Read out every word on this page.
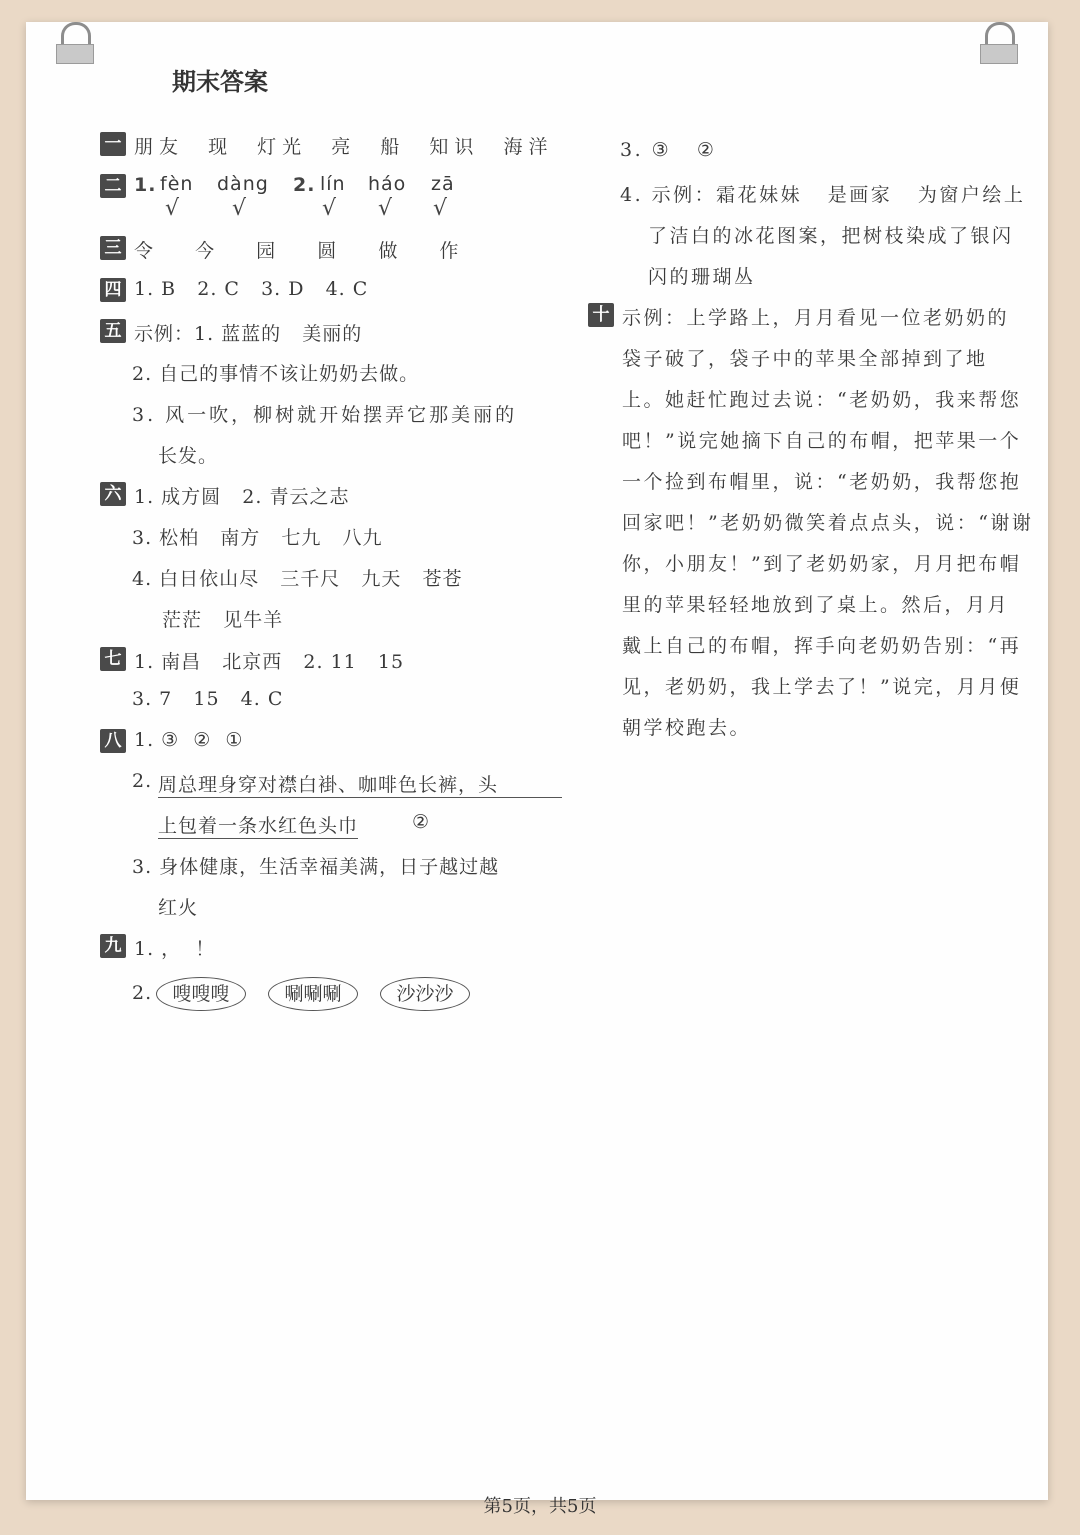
期末答案
一 朋友  现  灯光  亮  船  知识  海洋
二 1. fèn dàng 2. lín háo zā
√ √	√ √ √
三 令  今  园  圆  做  作
四 1. B   2. C   3. D   4. C
五 示例：1. 蓝蓝的   美丽的
2. 自己的事情不该让奶奶去做。
3. 风一吹，柳树就开始摆弄它那美丽的
长发。
六 1. 成方圆   2. 青云之志
3. 松柏   南方   七九   八九
4. 白日依山尽   三千尺   九天   苍苍
茫茫   见牛羊
七 1. 南昌   北京西   2. 11   15
3. 7   15   4. C
八 1. ③  ②  ①
2.
周总理身穿对襟白褂、咖啡色长裤，头
上包着一条水红色头巾	②
3. 身体健康，生活幸福美满，日子越过越
红火
九 1. ，  ！
2.	嗖嗖嗖	唰唰唰	沙沙沙
3. ③   ②
4. 示例：霜花妹妹   是画家   为窗户绘上
了洁白的冰花图案，把树枝染成了银闪
闪的珊瑚丛
十 示例：上学路上，月月看见一位老奶奶的
袋子破了，袋子中的苹果全部掉到了地
上。她赶忙跑过去说：“老奶奶，我来帮您
吧！”说完她摘下自己的布帽，把苹果一个
一个捡到布帽里，说：“老奶奶，我帮您抱
回家吧！”老奶奶微笑着点点头，说：“谢谢
你，小朋友！”到了老奶奶家，月月把布帽
里的苹果轻轻地放到了桌上。然后，月月
戴上自己的布帽，挥手向老奶奶告别：“再
见，老奶奶，我上学去了！”说完，月月便
朝学校跑去。
第5页，共5页
